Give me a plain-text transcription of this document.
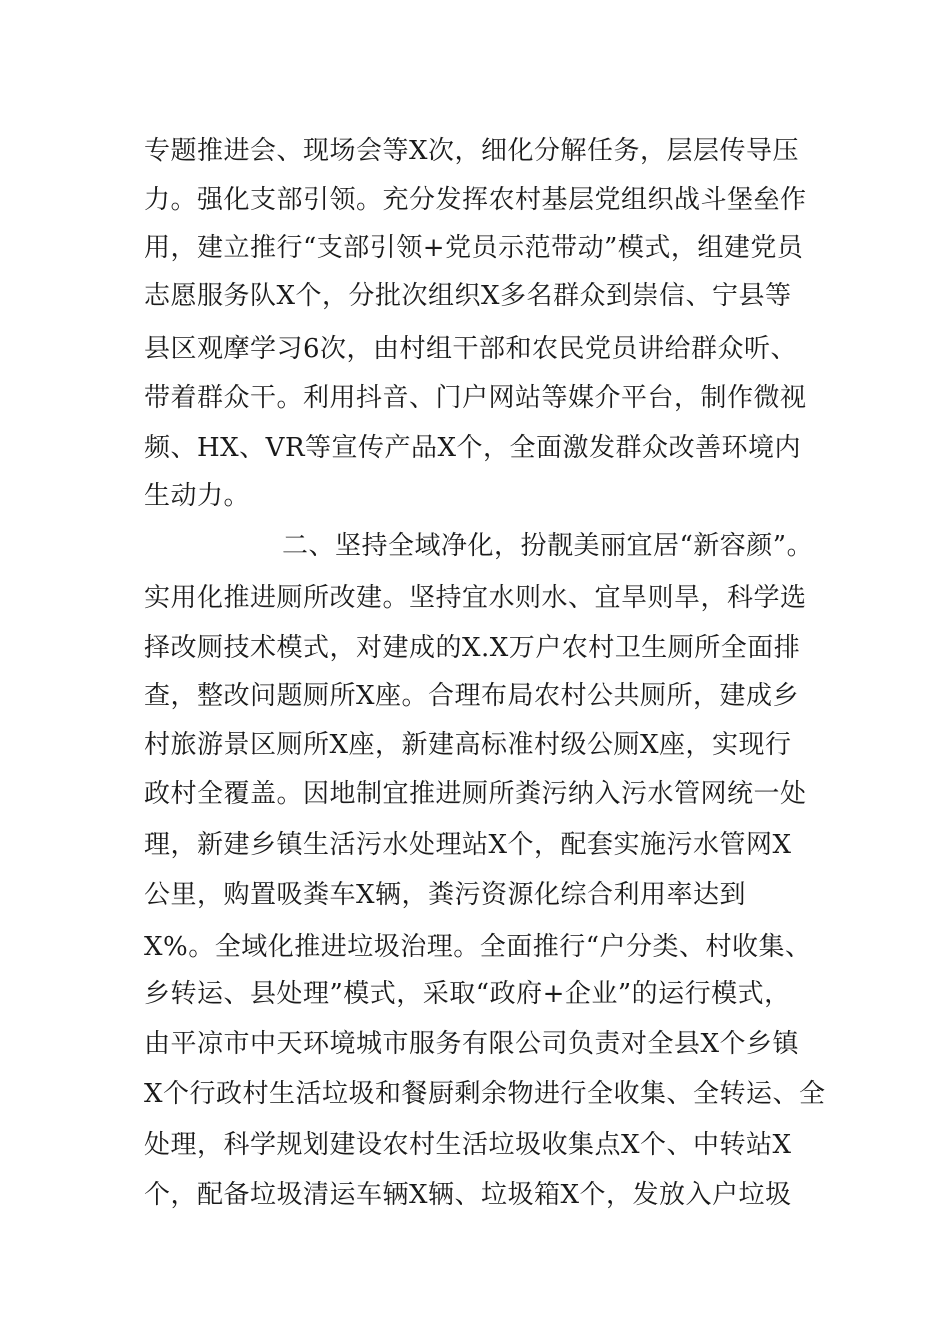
专题推进会、现场会等X次，细化分解任务，层层传导压

力。强化支部引领。充分发挥农村基层党组织战斗堡垒作

用，建立推行“支部引领+党员示范带动”模式，组建党员

志愿服务队X个，分批次组织X多名群众到崇信、宁县等

县区观摩学习6次，由村组干部和农民党员讲给群众听、

带着群众干。利用抖音、门户网站等媒介平台，制作微视

频、HX、VR等宣传产品X个，全面激发群众改善环境内

生动力。

二、坚持全域净化，扮靓美丽宜居“新容颜”。

实用化推进厕所改建。坚持宜水则水、宜旱则旱，科学选

择改厕技术模式，对建成的X.X万户农村卫生厕所全面排

查，整改问题厕所X座。合理布局农村公共厕所，建成乡

村旅游景区厕所X座，新建高标准村级公厕X座，实现行

政村全覆盖。因地制宜推进厕所粪污纳入污水管网统一处

理，新建乡镇生活污水处理站X个，配套实施污水管网X

公里，购置吸粪车X辆，粪污资源化综合利用率达到

X%。全域化推进垃圾治理。全面推行“户分类、村收集、

乡转运、县处理”模式，采取“政府+企业”的运行模式，

由平凉市中天环境城市服务有限公司负责对全县X个乡镇

X个行政村生活垃圾和餐厨剩余物进行全收集、全转运、全

处理，科学规划建设农村生活垃圾收集点X个、中转站X

个，配备垃圾清运车辆X辆、垃圾箱X个，发放入户垃圾
